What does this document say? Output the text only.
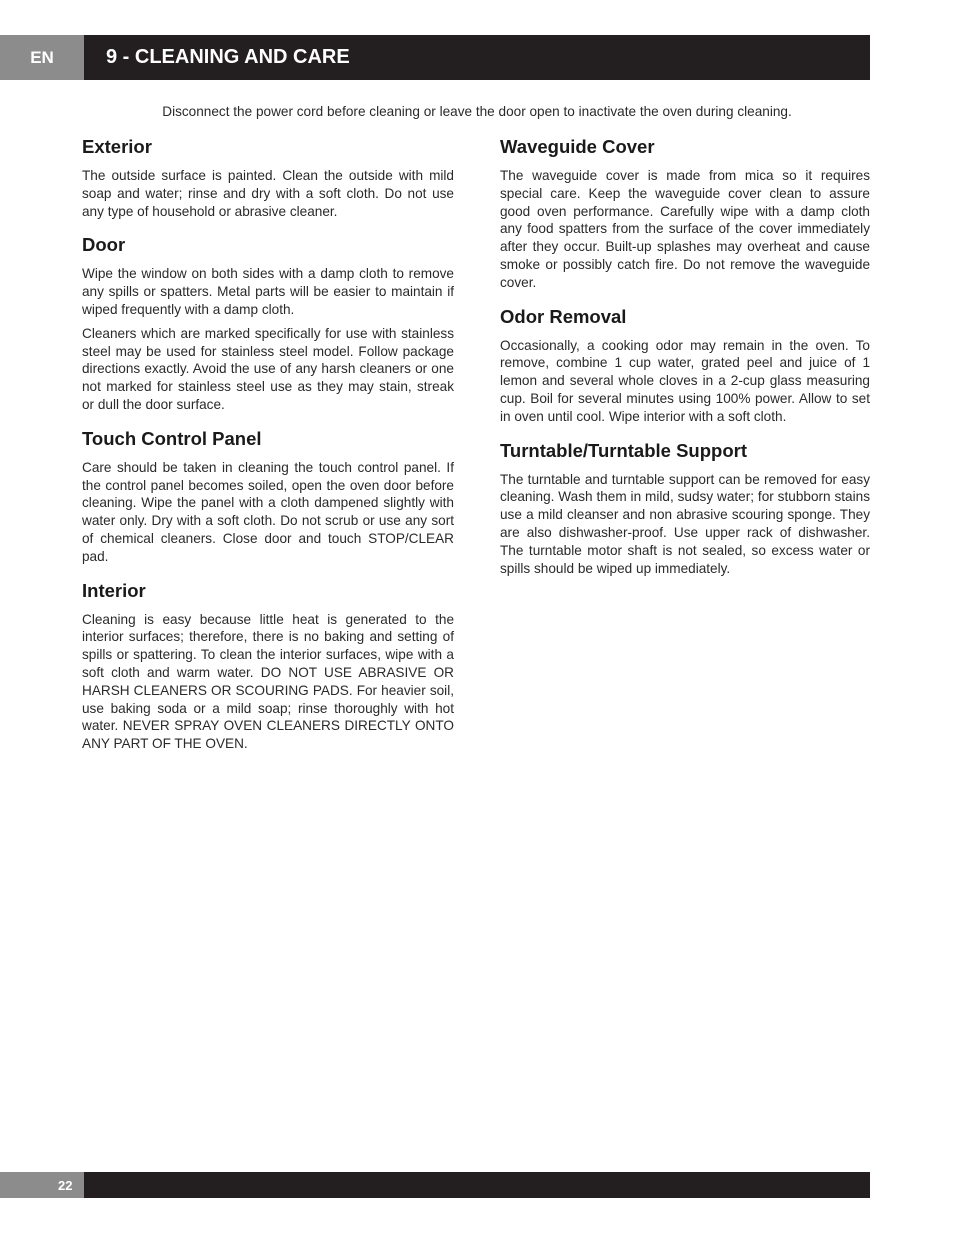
EN	9 - CLEANING AND CARE
Disconnect the power cord before cleaning or leave the door open to inactivate the oven during cleaning.
Exterior

The outside surface is painted. Clean the outside with mild soap and water; rinse and dry with a soft cloth. Do not use any type of household or abrasive cleaner.

Door

Wipe the window on both sides with a damp cloth to remove any spills or spatters. Metal parts will be easier to maintain if wiped frequently with a damp cloth.

Cleaners which are marked specifically for use with stainless steel may be used for stainless steel model. Follow package directions exactly. Avoid the use of any harsh cleaners or one not marked for stainless steel use as they may stain, streak or dull the door surface.

Touch Control Panel

Care should be taken in cleaning the touch control panel. If the control panel becomes soiled, open the oven door before cleaning. Wipe the panel with a cloth dampened slightly with water only. Dry with a soft cloth. Do not scrub or use any sort of chemical cleaners. Close door and touch STOP/CLEAR pad.

Interior

Cleaning is easy because little heat is generated to the interior surfaces; therefore, there is no baking and setting of spills or spattering. To clean the interior surfaces, wipe with a soft cloth and warm water. DO NOT USE ABRASIVE OR HARSH CLEANERS OR SCOURING PADS. For heavier soil, use baking soda or a mild soap; rinse thoroughly with hot water. NEVER SPRAY OVEN CLEANERS DIRECTLY ONTO ANY PART OF THE OVEN.

Waveguide Cover

The waveguide cover is made from mica so it requires special care. Keep the waveguide cover clean to assure good oven performance. Carefully wipe with a damp cloth any food spatters from the surface of the cover immediately after they occur. Built-up splashes may overheat and cause smoke or possibly catch fire. Do not remove the waveguide cover.

Odor Removal

Occasionally, a cooking odor may remain in the oven. To remove, combine 1 cup water, grated peel and juice of 1 lemon and several whole cloves in a 2-cup glass measuring cup. Boil for several minutes using 100% power. Allow to set in oven until cool. Wipe interior with a soft cloth.

Turntable/Turntable Support

The turntable and turntable support can be removed for easy cleaning. Wash them in mild, sudsy water; for stubborn stains use a mild cleanser and non abrasive scouring sponge. They are also dishwasher-proof. Use upper rack of dishwasher. The turntable motor shaft is not sealed, so excess water or spills should be wiped up immediately.

22
